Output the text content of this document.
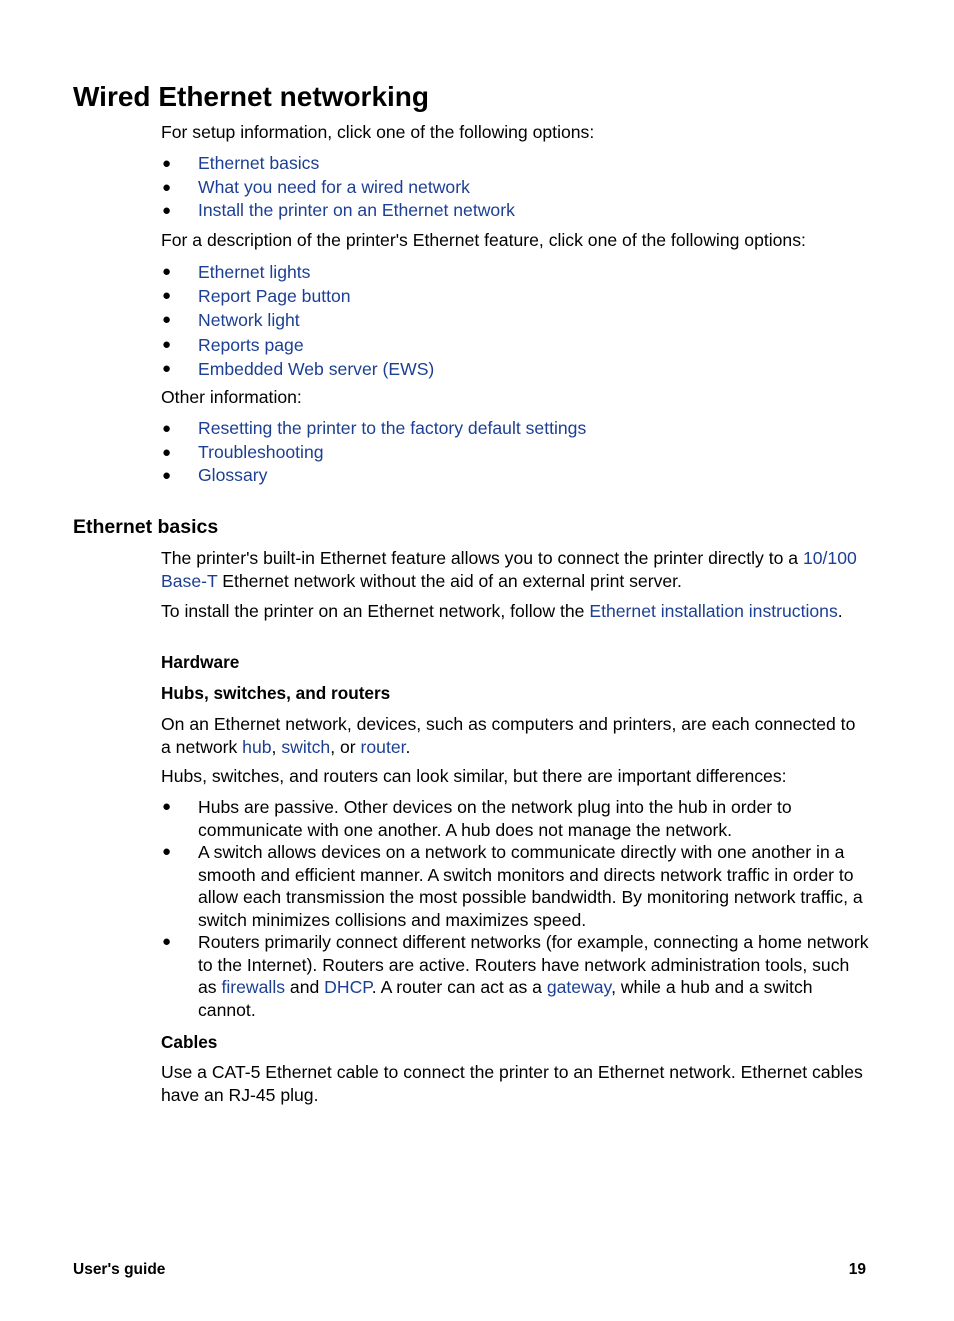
Wired Ethernet networking

For setup information, click one of the following options:

● Ethernet basics
● What you need for a wired network
● Install the printer on an Ethernet network

For a description of the printer's Ethernet feature, click one of the following options:

● Ethernet lights
● Report Page button
● Network light
● Reports page
● Embedded Web server (EWS)

Other information:

● Resetting the printer to the factory default settings
● Troubleshooting
● Glossary
Ethernet basics

The printer's built-in Ethernet feature allows you to connect the printer directly to a 10/100
Base-T Ethernet network without the aid of an external print server.

To install the printer on an Ethernet network, follow the Ethernet installation instructions.

Hardware

Hubs, switches, and routers

On an Ethernet network, devices, such as computers and printers, are each connected to a network hub, switch, or router.

Hubs, switches, and routers can look similar, but there are important differences:

● Hubs are passive. Other devices on the network plug into the hub in order to communicate with one another. A hub does not manage the network.
● A switch allows devices on a network to communicate directly with one another in a smooth and efficient manner. A switch monitors and directs network traffic in order to allow each transmission the most possible bandwidth. By monitoring network traffic, a switch minimizes collisions and maximizes speed.
● Routers primarily connect different networks (for example, connecting a home network to the Internet). Routers are active. Routers have network administration tools, such as firewalls and DHCP. A router can act as a gateway, while a hub and a switch cannot.

Cables

Use a CAT-5 Ethernet cable to connect the printer to an Ethernet network. Ethernet cables have an RJ-45 plug.

User's guide	19
